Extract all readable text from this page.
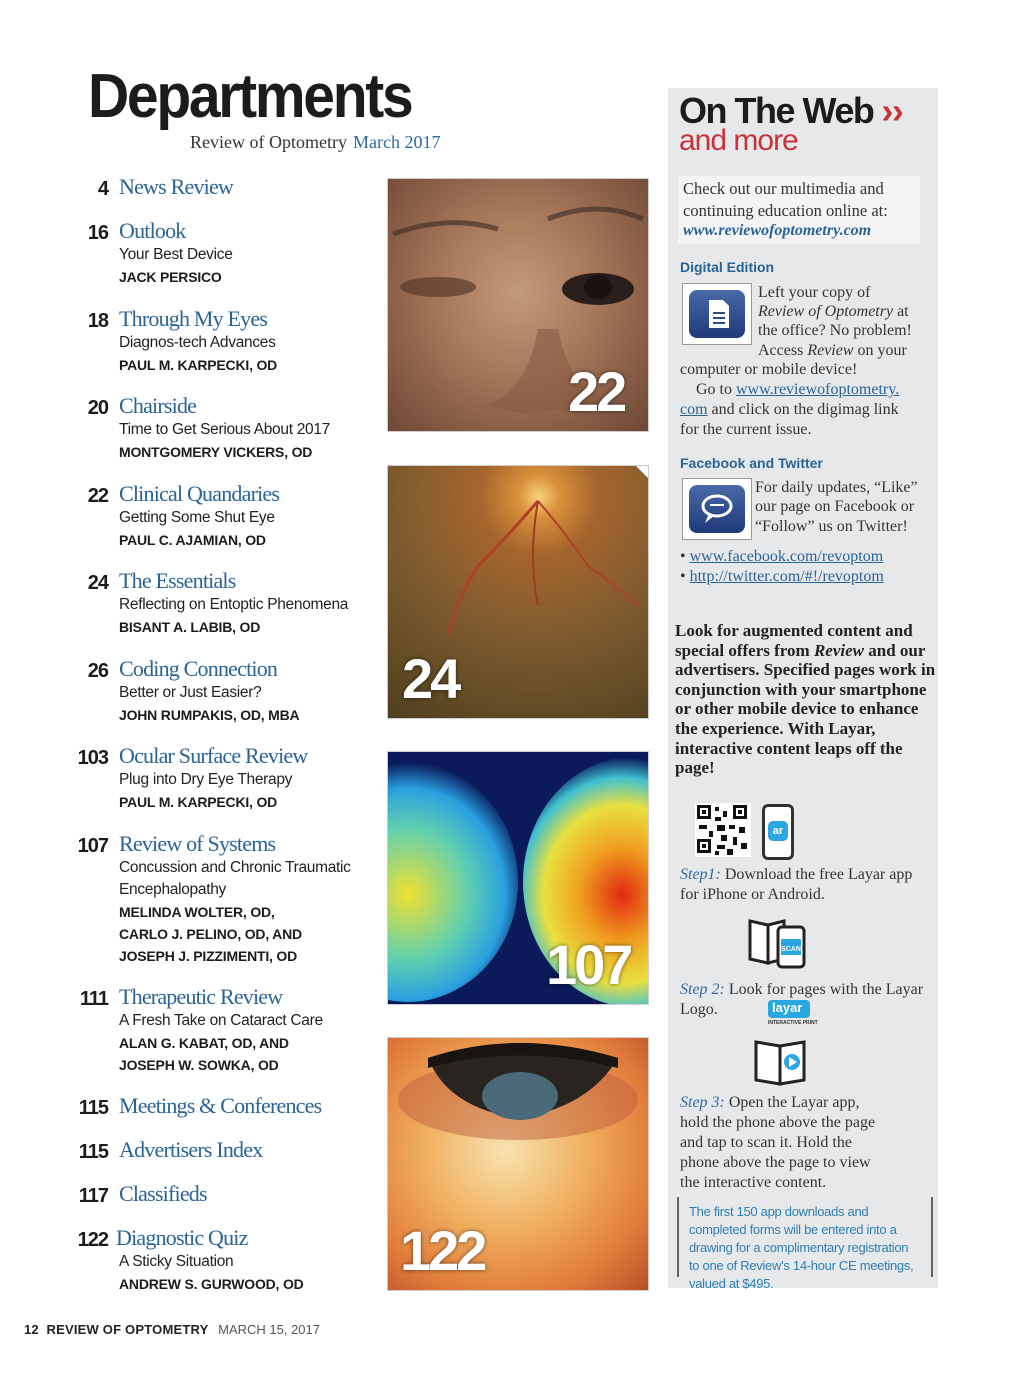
Departments
Review of Optometry March 2017
4 News Review
16 Outlook
Your Best Device
JACK PERSICO
18 Through My Eyes
Diagnos-tech Advances
PAUL M. KARPECKI, OD
20 Chairside
Time to Get Serious About 2017
MONTGOMERY VICKERS, OD
22 Clinical Quandaries
Getting Some Shut Eye
PAUL C. AJAMIAN, OD
24 The Essentials
Reflecting on Entoptic Phenomena
BISANT A. LABIB, OD
26 Coding Connection
Better or Just Easier?
JOHN RUMPAKIS, OD, MBA
103 Ocular Surface Review
Plug into Dry Eye Therapy
PAUL M. KARPECKI, OD
107 Review of Systems
Concussion and Chronic Traumatic
Encephalopathy
MELINDA WOLTER, OD,
CARLO J. PELINO, OD, AND
JOSEPH J. PIZZIMENTI, OD
111 Therapeutic Review
A Fresh Take on Cataract Care
ALAN G. KABAT, OD, AND
JOSEPH W. SOWKA, OD
115 Meetings & Conferences
115 Advertisers Index
117 Classifieds
122 Diagnostic Quiz
A Sticky Situation
ANDREW S. GURWOOD, OD
22
24
107
122
On The Web ››
and more
Check out our multimedia and continuing education online at:
www.reviewofoptometry.com
Digital Edition
Left your copy of
Review of Optometry at
the office? No problem!
Access Review on your
computer or mobile device!
Go to www.reviewofoptometry.
com and click on the digimag link
for the current issue.
Facebook and Twitter
For daily updates, “Like”
our page on Facebook or
“Follow” us on Twitter!
• www.facebook.com/revoptom
• http://twitter.com/#!/revoptom
Look for augmented content and special offers from Review and our advertisers. Specified pages work in conjunction with your smartphone or other mobile device to enhance the experience. With Layar, interactive content leaps off the page!
ar
Step1: Download the free Layar app for iPhone or Android.
SCAN
Step 2: Look for pages with the Layar Logo.	layar
INTERACTIVE PRINT
Step 3: Open the Layar app, hold the phone above the page and tap to scan it. Hold the phone above the page to view the interactive content.
The first 150 app downloads and completed forms will be entered into a drawing for a complimentary registration to one of Review’s 14-hour CE meetings, valued at $495.
12 REVIEW OF OPTOMETRY MARCH 15, 2017
